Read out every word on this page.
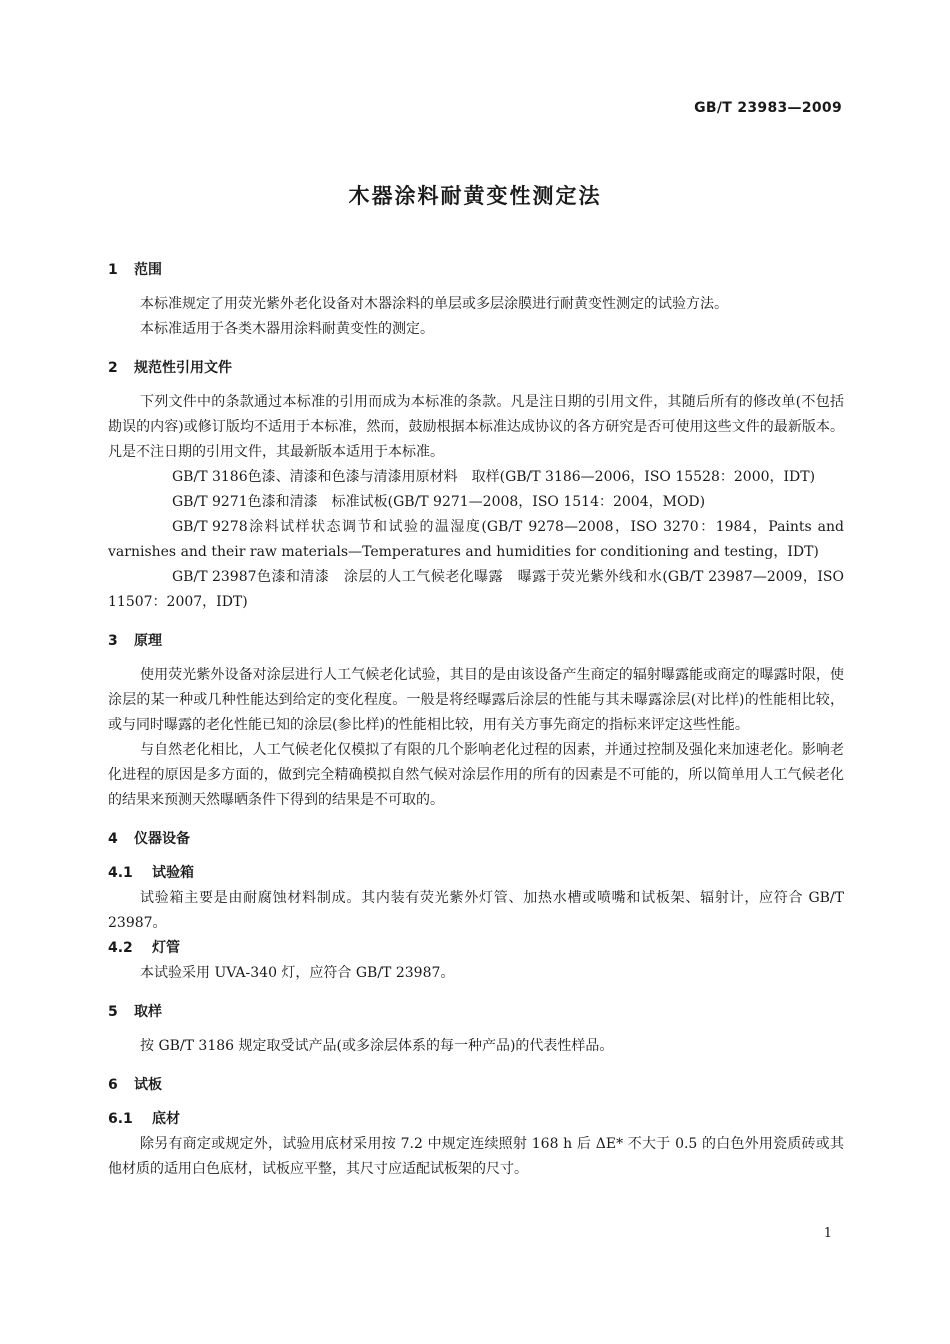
GB/T 23983—2009
木器涂料耐黄变性测定法
1 范围

本标准规定了用荧光紫外老化设备对木器涂料的单层或多层涂膜进行耐黄变性测定的试验方法。

本标准适用于各类木器用涂料耐黄变性的测定。

2 规范性引用文件

下列文件中的条款通过本标准的引用而成为本标准的条款。凡是注日期的引用文件，其随后所有的修改单(不包括勘误的内容)或修订版均不适用于本标准，然而，鼓励根据本标准达成协议的各方研究是否可使用这些文件的最新版本。凡是不注日期的引用文件，其最新版本适用于本标准。

GB/T 3186色漆、清漆和色漆与清漆用原材料　取样(GB/T 3186—2006，ISO 15528：2000，IDT)

GB/T 9271色漆和清漆　标准试板(GB/T 9271—2008，ISO 1514：2004，MOD)

GB/T 9278涂料试样状态调节和试验的温湿度(GB/T 9278—2008，ISO 3270：1984，Paints and varnishes and their raw materials—Temperatures and humidities for conditioning and testing，IDT)

GB/T 23987色漆和清漆　涂层的人工气候老化曝露　曝露于荧光紫外线和水(GB/T 23987—2009，ISO 11507：2007，IDT)

3 原理

使用荧光紫外设备对涂层进行人工气候老化试验，其目的是由该设备产生商定的辐射曝露能或商定的曝露时限，使涂层的某一种或几种性能达到给定的变化程度。一般是将经曝露后涂层的性能与其未曝露涂层(对比样)的性能相比较，或与同时曝露的老化性能已知的涂层(参比样)的性能相比较，用有关方事先商定的指标来评定这些性能。

与自然老化相比，人工气候老化仅模拟了有限的几个影响老化过程的因素，并通过控制及强化来加速老化。影响老化进程的原因是多方面的，做到完全精确模拟自然气候对涂层作用的所有的因素是不可能的，所以简单用人工气候老化的结果来预测天然曝晒条件下得到的结果是不可取的。

4 仪器设备
4.1 试验箱

试验箱主要是由耐腐蚀材料制成。其内装有荧光紫外灯管、加热水槽或喷嘴和试板架、辐射计，应符合 GB/T 23987。

4.2 灯管

本试验采用 UVA-340 灯，应符合 GB/T 23987。

5 取样

按 GB/T 3186 规定取受试产品(或多涂层体系的每一种产品)的代表性样品。

6 试板
6.1 底材

除另有商定或规定外，试验用底材采用按 7.2 中规定连续照射 168 h 后 ΔE* 不大于 0.5 的白色外用瓷质砖或其他材质的适用白色底材，试板应平整，其尺寸应适配试板架的尺寸。

1
